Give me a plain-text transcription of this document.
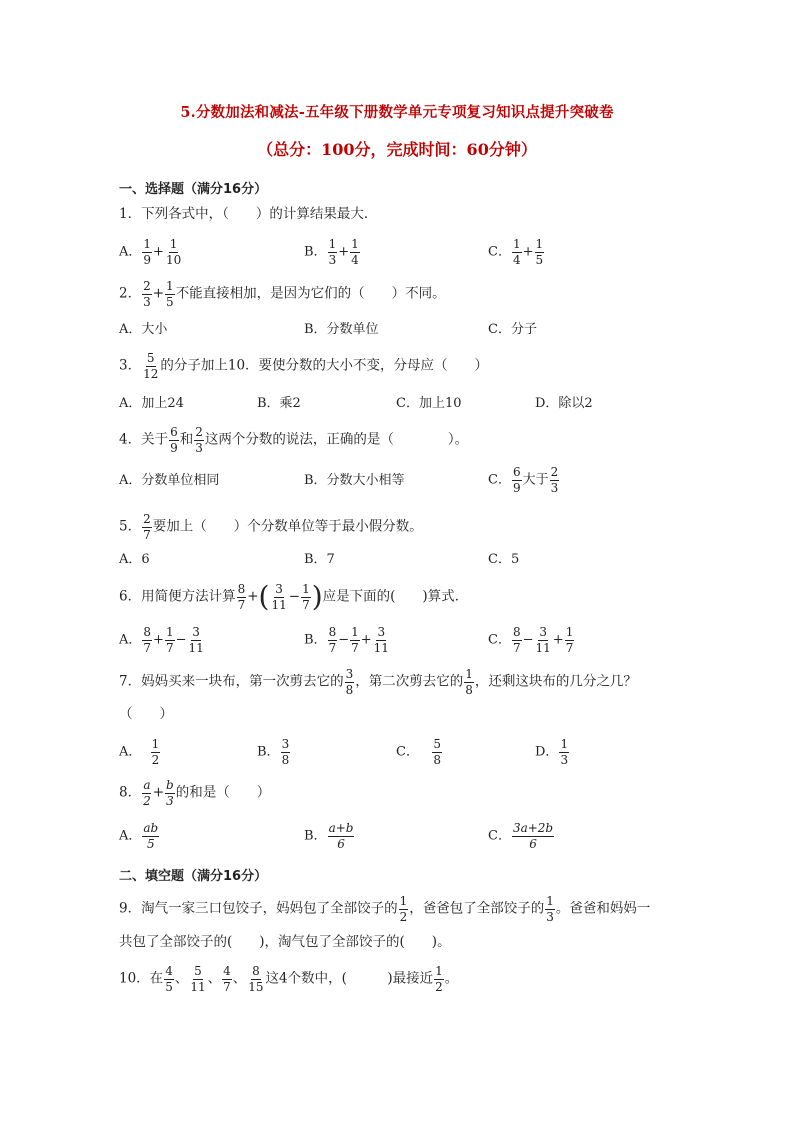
5.分数加法和减法-五年级下册数学单元专项复习知识点提升突破卷
（总分：100分，完成时间：60分钟）
一、选择题（满分16分）
1．下列各式中，（　　）的计算结果最大．
A． $\frac{1}{9} + \frac{1}{10}$	B． $\frac{1}{3} + \frac{1}{4}$	C． $\frac{1}{4} + \frac{1}{5}$
2． $\frac{2}{3} + \frac{1}{5}$ 不能直接相加，是因为它们的（　　）不同。
A．大小	B．分数单位	C．分子
3． $\frac{5}{12}$ 的分子加上10．要使分数的大小不变，分母应（　　）
A．加上24	B．乘2	C．加上10	D．除以2
4．关于 $\frac{6}{9}$ 和 $\frac{2}{3}$ 这两个分数的说法，正确的是（　　　　）。
A．分数单位相同	B．分数大小相等	C． $\frac{6}{9}$ 大于 $\frac{2}{3}$
5． $\frac{2}{7}$ 要加上（　　）个分数单位等于最小假分数。
A．6	B．7	C．5
6．用简便方法计算 $\frac{8}{7}$ +( $\frac{3}{11} - \frac{1}{7}$ )应是下面的(　　)算式．
A． $\frac{8}{7} + \frac{1}{7} - \frac{3}{11}$	B． $\frac{8}{7} - \frac{1}{7} + \frac{3}{11}$	C． $\frac{8}{7} - \frac{3}{11} + \frac{1}{7}$
7．妈妈买来一块布，第一次剪去它的 $\frac{3}{8}$ ，第二次剪去它的 $\frac{1}{8}$ ，还剩这块布的几分之几？
（　　）
A． $\frac{1}{2}$	B． $\frac{3}{8}$	C． $\frac{5}{8}$	D． $\frac{1}{3}$
8． $\frac{a}{2} + \frac{b}{3}$ 的和是（　　）
A． $\frac{ab}{5}$	B． $\frac{a+b}{6}$	C． $\frac{3a+2b}{6}$
二、填空题（满分16分）
9．淘气一家三口包饺子，妈妈包了全部饺子的 $\frac{1}{2}$ ，爸爸包了全部饺子的 $\frac{1}{3}$ 。爸爸和妈妈一
共包了全部饺子的(　　)，淘气包了全部饺子的(　　)。
10．在 $\frac{4}{5}$ 、 $\frac{5}{11}$ 、 $\frac{4}{7}$ 、 $\frac{8}{15}$ 这4个数中，(　　　)最接近 $\frac{1}{2}$ 。
